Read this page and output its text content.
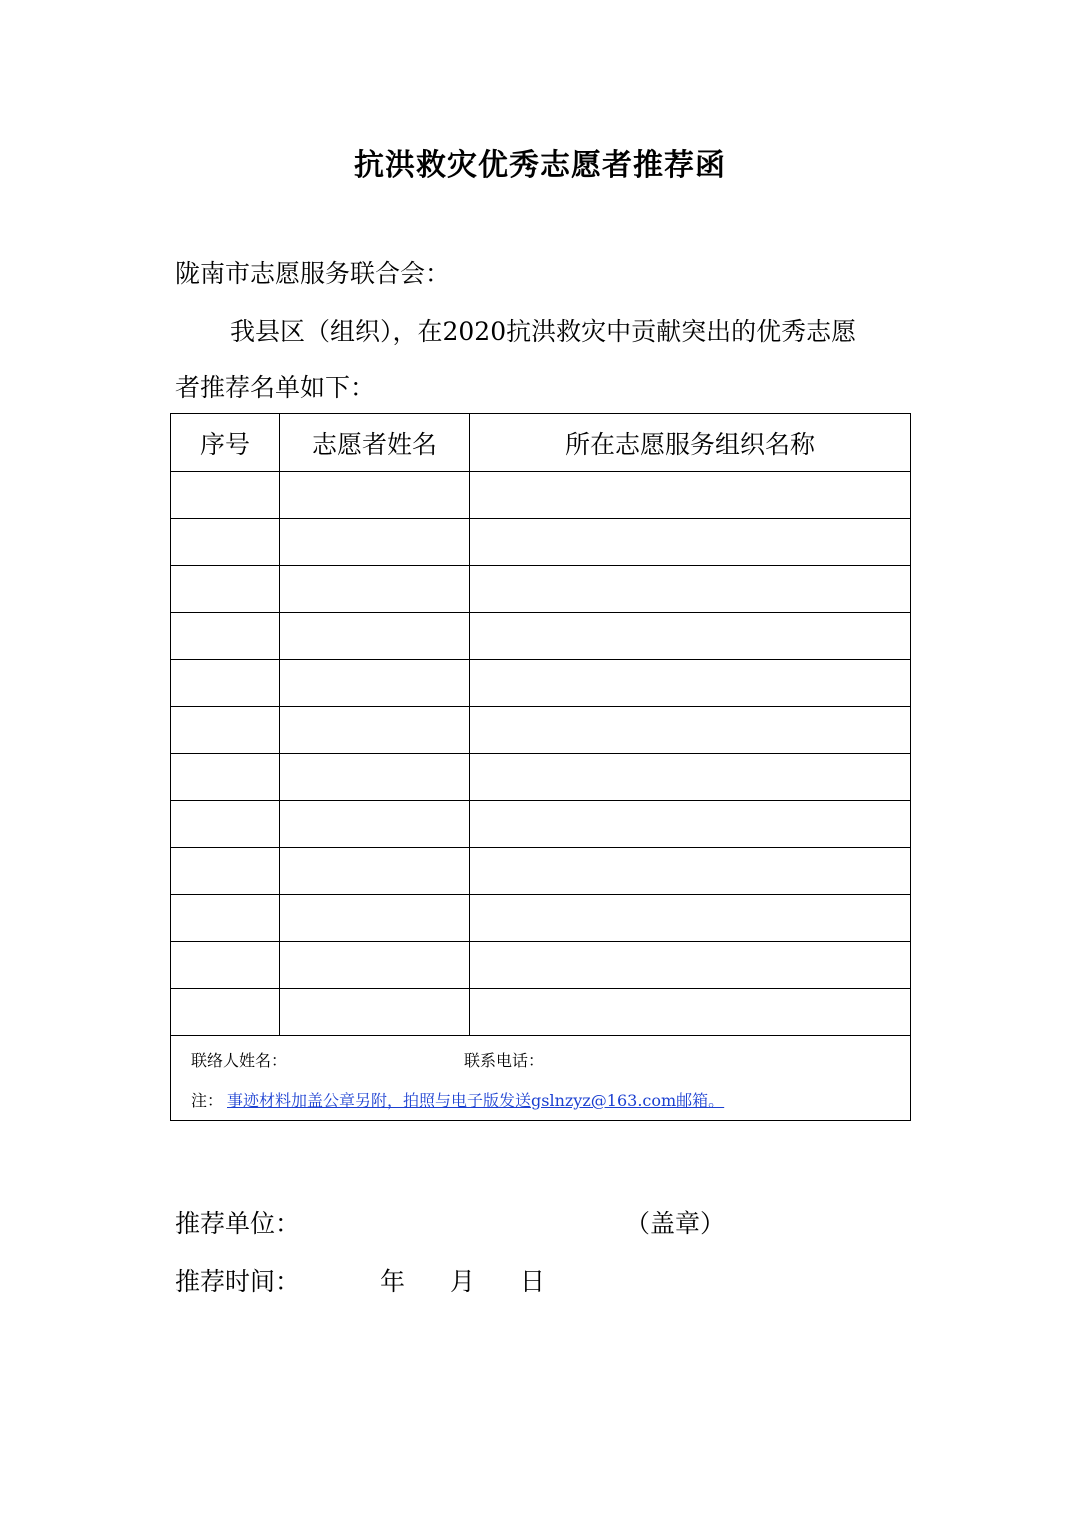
抗洪救灾优秀志愿者推荐函
陇南市志愿服务联合会：
我县区（组织），在2020抗洪救灾中贡献突出的优秀志愿
者推荐名单如下：
序号	志愿者姓名	所在志愿服务组织名称

联络人姓名： 联系电话：
注： 事迹材料加盖公章另附，拍照与电子版发送gslnzyz@163.com邮箱。		
推荐单位：	（盖章）
推荐时间：	年 月 日
